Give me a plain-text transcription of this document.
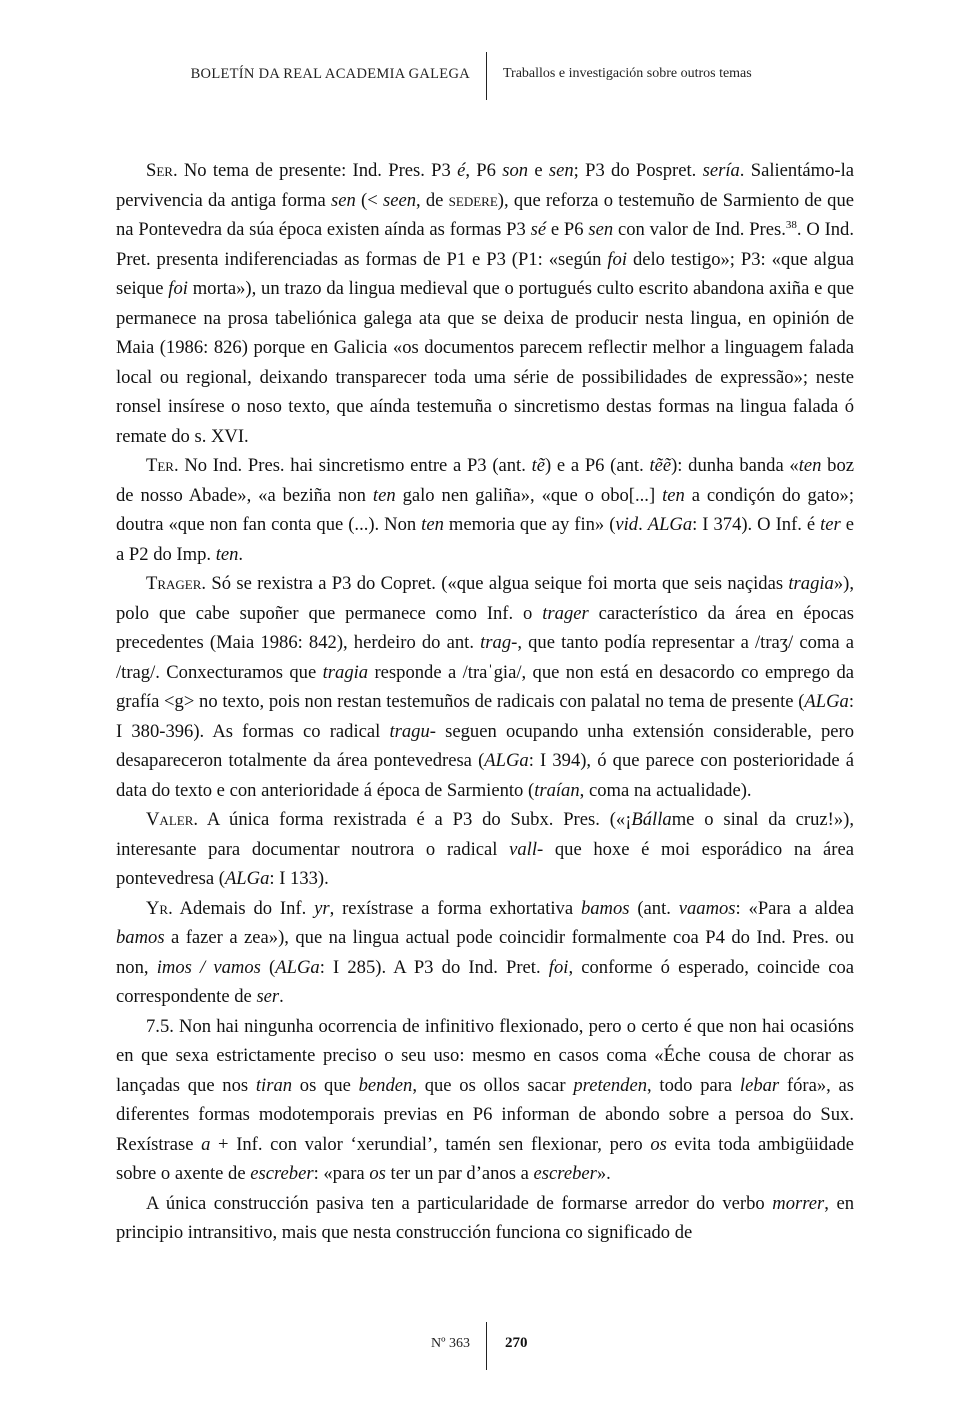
BOLETÍN DA REAL ACADEMIA GALEGA Traballos e investigación sobre outros temas

Ser. No tema de presente: Ind. Pres. P3 é, P6 son e sen; P3 do Pospret. sería. Salientámo-la pervivencia da antiga forma sen (< seen, de sedere), que reforza o testemuño de Sarmiento de que na Pontevedra da súa época existen aínda as formas P3 sé e P6 sen con valor de Ind. Pres.$^{38}$. O Ind. Pret. presenta indiferenciadas as formas de P1 e P3 (P1: «según foi delo testigo»; P3: «que algua seique foi morta»), un trazo da lingua medieval que o portugués culto escrito abandona axiña e que permanece na prosa tabeliónica galega ata que se deixa de producir nesta lingua, en opinión de Maia (1986: 826) porque en Galicia «os documentos parecem reflectir melhor a linguagem falada local ou regional, deixando transparecer toda uma série de possibilidades de expressão»; neste ronsel insírese o noso texto, que aínda testemuña o sincretismo destas formas na lingua falada ó remate do s. XVI.

Ter. No Ind. Pres. hai sincretismo entre a P3 (ant. tẽ) e a P6 (ant. tẽẽ): dunha banda «ten boz de nosso Abade», «a beziña non ten galo nen galiña», «que o obo[...] ten a condiçón do gato»; doutra «que non fan conta que (...). Non ten memoria que ay fin» (vid. ALGa: I 374). O Inf. é ter e a P2 do Imp. ten.

Trager. Só se rexistra a P3 do Copret. («que algua seique foi morta que seis naçidas tragia»), polo que cabe supoñer que permanece como Inf. o trager característico da área en épocas precedentes (Maia 1986: 842), herdeiro do ant. trag-, que tanto podía representar a /traʒ/ coma a /trag/. Conxecturamos que tragia responde a /traˈgia/, que non está en desacordo co emprego da grafía <g> no texto, pois non restan testemuños de radicais con palatal no tema de presente (ALGa: I 380-396). As formas co radical tragu- seguen ocupando unha extensión considerable, pero desapareceron totalmente da área pontevedresa (ALGa: I 394), ó que parece con posterioridade á data do texto e con anterioridade á época de Sarmiento (traían, coma na actualidade).

Valer. A única forma rexistrada é a P3 do Subx. Pres. («¡Bállame o sinal da cruz!»), interesante para documentar noutrora o radical vall- que hoxe é moi esporádico na área pontevedresa (ALGa: I 133).

Yr. Ademais do Inf. yr, rexístrase a forma exhortativa bamos (ant. vaamos: «Para a aldea bamos a fazer a zea»), que na lingua actual pode coincidir formalmente coa P4 do Ind. Pres. ou non, imos / vamos (ALGa: I 285). A P3 do Ind. Pret. foi, conforme ó esperado, coincide coa correspondente de ser.

7.5. Non hai ningunha ocorrencia de infinitivo flexionado, pero o certo é que non hai ocasións en que sexa estrictamente preciso o seu uso: mesmo en casos coma «Éche cousa de chorar as lançadas que nos tiran os que benden, que os ollos sacar pretenden, todo para lebar fóra», as diferentes formas modotemporais previas en P6 informan de abondo sobre a persoa do Sux. Rexístrase a + Inf. con valor ‘xerundial’, tamén sen flexionar, pero os evita toda ambigüidade sobre o axente de escreber: «para os ter un par d’anos a escreber».

A única construcción pasiva ten a particularidade de formarse arredor do verbo morrer, en principio intransitivo, mais que nesta construcción funciona co significado de

Nº 363 270
